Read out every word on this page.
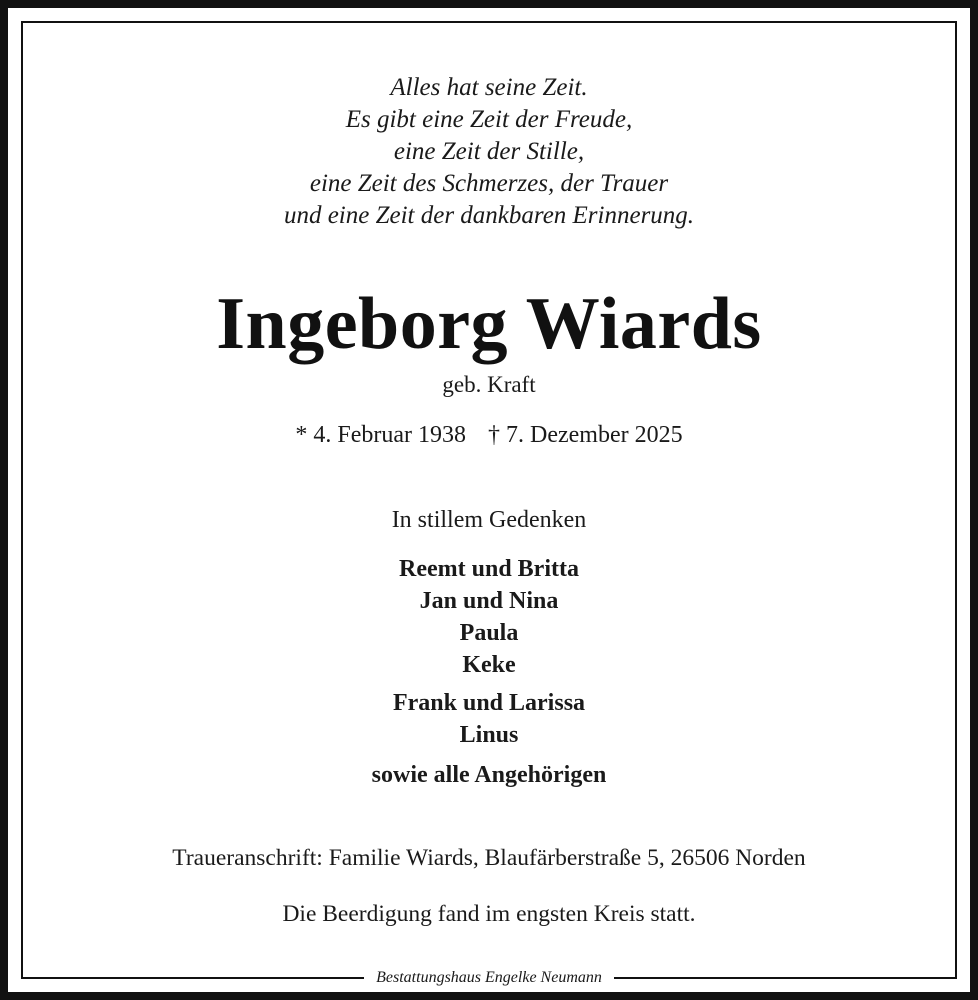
Alles hat seine Zeit.
Es gibt eine Zeit der Freude,
eine Zeit der Stille,
eine Zeit des Schmerzes, der Trauer
und eine Zeit der dankbaren Erinnerung.
Ingeborg Wiards
geb. Kraft
* 4. Februar 1938 † 7. Dezember 2025
In stillem Gedenken
Reemt und Britta
Jan und Nina
Paula
Keke
Frank und Larissa
Linus
sowie alle Angehörigen
Traueranschrift: Familie Wiards, Blaufärberstraße 5, 26506 Norden
Die Beerdigung fand im engsten Kreis statt.
Bestattungshaus Engelke Neumann
